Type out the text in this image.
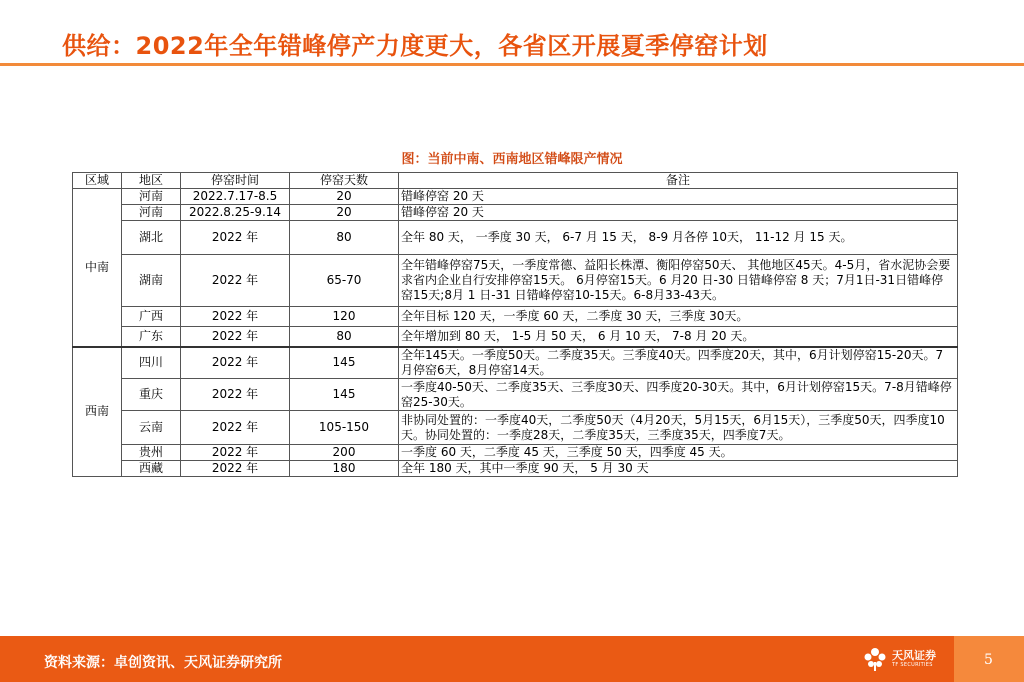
供给：2022年全年错峰停产力度更大，各省区开展夏季停窑计划
图：当前中南、西南地区错峰限产情况
区域	地区	停窑时间	停窑天数	备注
中南	河南	2022.7.17-8.5	20	错峰停窑 20 天
	河南	2022.8.25-9.14	20	错峰停窑 20 天
	湖北	2022 年	80	全年 80 天， 一季度 30 天， 6-7 月 15 天， 8-9 月各停 10天， 11-12 月 15 天。
	湖南	2022 年	65-70	全年错峰停窑75天，一季度常德、益阳长株潭、衡阳停窑50天、 其他地区45天。4-5月，省水泥协会要求省内企业自行安排停窑15天。 6月停窑15天。6 月20 日-30 日错峰停窑 8 天；7月1日-31日错峰停窑15天;8月 1 日-31 日错峰停窑10-15天。6-8月33-43天。
	广西	2022 年	120	全年目标 120 天，一季度 60 天，二季度 30 天，三季度 30天。
	广东	2022 年	80	全年增加到 80 天， 1-5 月 50 天， 6 月 10 天， 7-8 月 20 天。
西南	四川	2022 年	145	全年145天。一季度50天。二季度35天。三季度40天。四季度20天，其中，6月计划停窑15-20天。7月停窑6天，8月停窑14天。
	重庆	2022 年	145	一季度40-50天、二季度35天、三季度30天、四季度20-30天。其中，6月计划停窑15天。7-8月错峰停窑25-30天。
	云南	2022 年	105-150	非协同处置的：一季度40天，二季度50天（4月20天，5月15天，6月15天），三季度50天，四季度10天。协同处置的：一季度28天，二季度35天，三季度35天，四季度7天。
	贵州	2022 年	200	一季度 60 天，二季度 45 天，三季度 50 天，四季度 45 天。
	西藏	2022 年	180	全年 180 天，其中一季度 90 天， 5 月 30 天
资料来源：卓创资讯、天风证券研究所	天风证券
TF SECURITIES	5
